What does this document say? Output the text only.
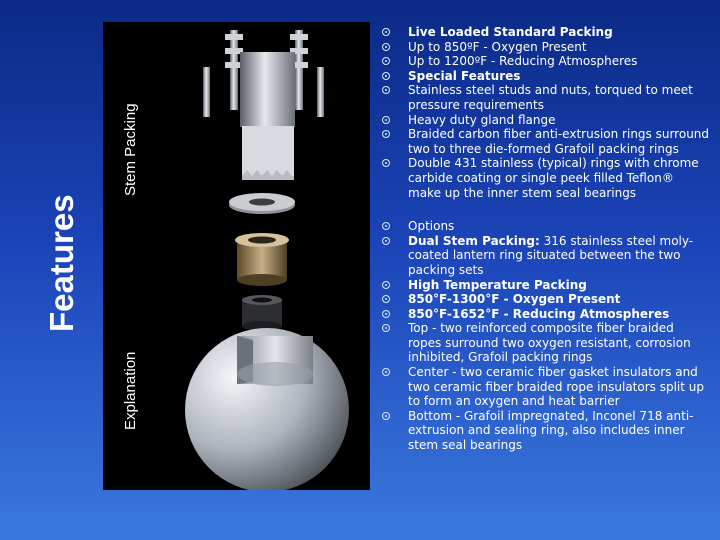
Features
Stem Packing
Explanation
Live Loaded Standard Packing
Up to 850ºF - Oxygen Present
Up to 1200ºF - Reducing Atmospheres
Special Features
Stainless steel studs and nuts, torqued to meet pressure requirements
Heavy duty gland flange
Braided carbon fiber anti-extrusion rings surround two to three die-formed Grafoil packing rings
Double 431 stainless (typical) rings with chrome carbide coating or single peek filled Teflon® make up the inner stem seal bearings
Options
Dual Stem Packing: 316 stainless steel moly-coated lantern ring situated between the two packing sets
High Temperature Packing
850°F-1300°F - Oxygen Present
850°F-1652°F - Reducing Atmospheres
Top - two reinforced composite fiber braided ropes surround two oxygen resistant, corrosion inhibited, Grafoil packing rings
Center - two ceramic fiber gasket insulators and two ceramic fiber braided rope insulators split up to form an oxygen and heat barrier
Bottom - Grafoil impregnated, Inconel 718 anti-extrusion and sealing ring, also includes inner stem seal bearings
